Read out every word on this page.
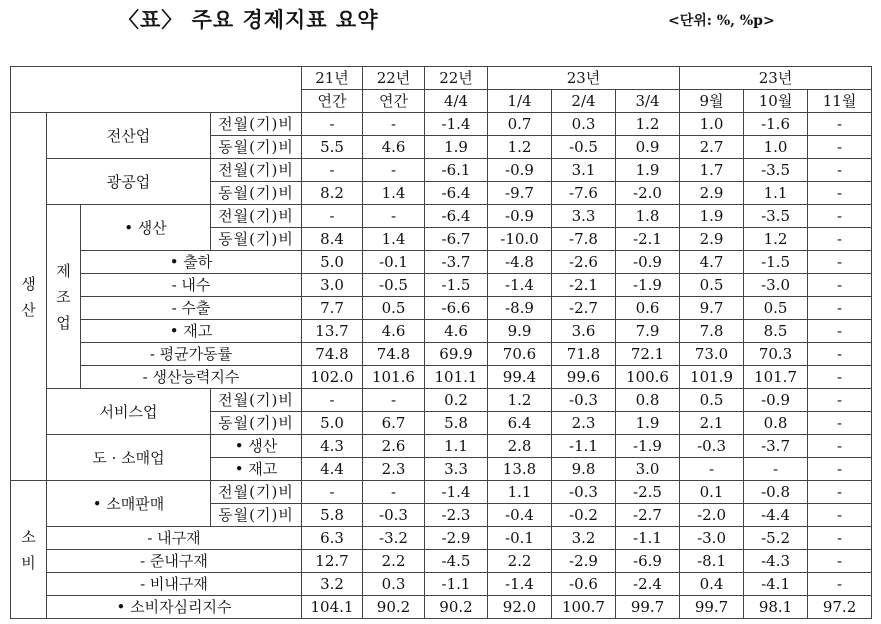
〈표〉 주요 경제지표 요약	<단위: %, %p>
				21년	22년	22년	23년			23년		
				연간	연간	4/4	1/4	2/4	3/4	9월	10월	11월

생
산	전산업		전월(기)비	-	-	-1.4	0.7	0.3	1.2	1.0	-1.6	-
			동월(기)비	5.5	4.6	1.9	1.2	-0.5	0.9	2.7	1.0	-
	광공업		전월(기)비	-	-	-6.1	-0.9	3.1	1.9	1.7	-3.5	-
			동월(기)비	8.2	1.4	-6.4	-9.7	-7.6	-2.0	2.9	1.1	-

	제
조
업	• 생산	전월(기)비	-	-	-6.4	-0.9	3.3	1.8	1.9	-3.5	-
			동월(기)비	8.4	1.4	-6.7	-10.0	-7.8	-2.1	2.9	1.2	-
		• 출하		5.0	-0.1	-3.7	-4.8	-2.6	-0.9	4.7	-1.5	-
		- 내수		3.0	-0.5	-1.5	-1.4	-2.1	-1.9	0.5	-3.0	-
		- 수출		7.7	0.5	-6.6	-8.9	-2.7	0.6	9.7	0.5	-
		• 재고		13.7	4.6	4.6	9.9	3.6	7.9	7.8	8.5	-
		- 평균가동률		74.8	74.8	69.9	70.6	71.8	72.1	73.0	70.3	-
		- 생산능력지수		102.0	101.6	101.1	99.4	99.6	100.6	101.9	101.7	-
	서비스업		전월(기)비	-	-	0.2	1.2	-0.3	0.8	0.5	-0.9	-
			동월(기)비	5.0	6.7	5.8	6.4	2.3	1.9	2.1	0.8	-
	도 · 소매업		• 생산	4.3	2.6	1.1	2.8	-1.1	-1.9	-0.3	-3.7	-
			• 재고	4.4	2.3	3.3	13.8	9.8	3.0	-	-	-

소
비	• 소매판매		전월(기)비	-	-	-1.4	1.1	-0.3	-2.5	0.1	-0.8	-
			동월(기)비	5.8	-0.3	-2.3	-0.4	-0.2	-2.7	-2.0	-4.4	-
	- 내구재			6.3	-3.2	-2.9	-0.1	3.2	-1.1	-3.0	-5.2	-
	- 준내구재			12.7	2.2	-4.5	2.2	-2.9	-6.9	-8.1	-4.3	-
	- 비내구재			3.2	0.3	-1.1	-1.4	-0.6	-2.4	0.4	-4.1	-
	• 소비자심리지수			104.1	90.2	90.2	92.0	100.7	99.7	99.7	98.1	97.2
